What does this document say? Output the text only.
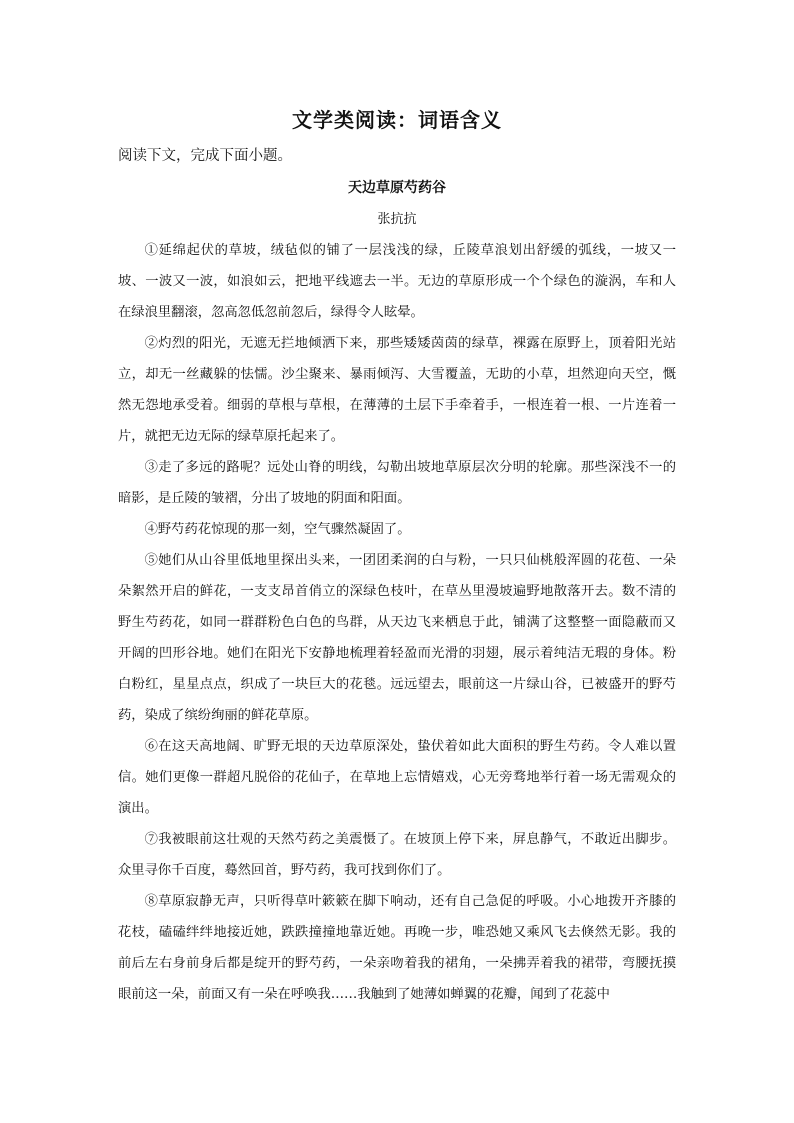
文学类阅读：词语含义
阅读下文，完成下面小题。
天边草原芍药谷
张抗抗

①延绵起伏的草坡，绒毡似的铺了一层浅浅的绿，丘陵草浪划出舒缓的弧线，一坡又一坡、一波又一波，如浪如云，把地平线遮去一半。无边的草原形成一个个绿色的漩涡，车和人在绿浪里翻滚，忽高忽低忽前忽后，绿得令人眩晕。

②灼烈的阳光，无遮无拦地倾洒下来，那些矮矮茵茵的绿草，裸露在原野上，顶着阳光站立，却无一丝藏躲的怯懦。沙尘聚来、暴雨倾泻、大雪覆盖，无助的小草，坦然迎向天空，慨然无怨地承受着。细弱的草根与草根，在薄薄的土层下手牵着手，一根连着一根、一片连着一片，就把无边无际的绿草原托起来了。

③走了多远的路呢？远处山脊的明线，勾勒出坡地草原层次分明的轮廓。那些深浅不一的暗影，是丘陵的皱褶，分出了坡地的阴面和阳面。

④野芍药花惊现的那一刻，空气骤然凝固了。

⑤她们从山谷里低地里探出头来，一团团柔润的白与粉，一只只仙桃般浑圆的花苞、一朵朵絮然开启的鲜花，一支支昂首俏立的深绿色枝叶，在草丛里漫坡遍野地散落开去。数不清的野生芍药花，如同一群群粉色白色的鸟群，从天边飞来栖息于此，铺满了这整整一面隐蔽而又开阔的凹形谷地。她们在阳光下安静地梳理着轻盈而光滑的羽翅，展示着纯洁无瑕的身体。粉白粉红，星星点点，织成了一块巨大的花毯。远远望去，眼前这一片绿山谷，已被盛开的野芍药，染成了缤纷绚丽的鲜花草原。

⑥在这天高地阔、旷野无垠的天边草原深处，蛰伏着如此大面积的野生芍药。令人难以置信。她们更像一群超凡脱俗的花仙子，在草地上忘情嬉戏，心无旁骛地举行着一场无需观众的演出。

⑦我被眼前这壮观的天然芍药之美震慑了。在坡顶上停下来，屏息静气，不敢近出脚步。众里寻你千百度，蓦然回首，野芍药，我可找到你们了。

⑧草原寂静无声，只听得草叶簌簌在脚下响动，还有自己急促的呼吸。小心地拨开齐膝的花枝，磕磕绊绊地接近她，跌跌撞撞地靠近她。再晚一步，唯恐她又乘风飞去倏然无影。我的前后左右身前身后都是绽开的野芍药，一朵亲吻着我的裙角，一朵拂弄着我的裙带，弯腰抚摸眼前这一朵，前面又有一朵在呼唤我……我触到了她薄如蝉翼的花瓣，闻到了花蕊中
